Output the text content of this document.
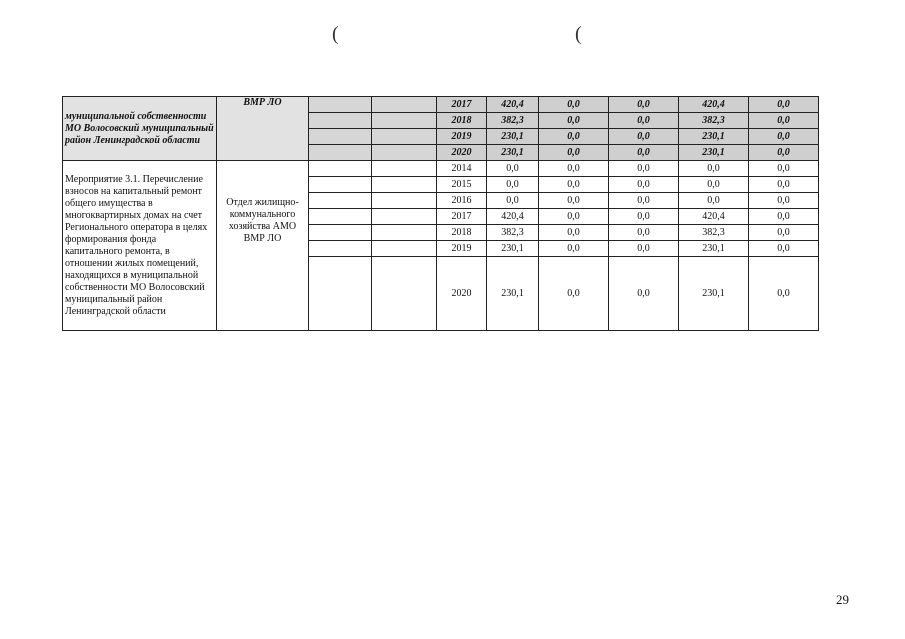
(	(
муниципальной собственности МО Волосовский муниципальный район Ленинградской области	ВМР ЛО			2017	420,4	0,0	0,0	420,4	0,0
				2018	382,3	0,0	0,0	382,3	0,0
				2019	230,1	0,0	0,0	230,1	0,0
				2020	230,1	0,0	0,0	230,1	0,0
Мероприятие 3.1. Перечисление взносов на капитальный ремонт общего имущества в многоквартирных домах на счет Регионального оператора в целях формирования фонда капитального ремонта, в отношении жилых помещений, находящихся в муниципальной собственности МО Волосовский муниципальный район Ленинградской области	Отдел жилищно-коммунального хозяйства АМО ВМР ЛО			2014	0,0	0,0	0,0	0,0	0,0
				2015	0,0	0,0	0,0	0,0	0,0
				2016	0,0	0,0	0,0	0,0	0,0
				2017	420,4	0,0	0,0	420,4	0,0
				2018	382,3	0,0	0,0	382,3	0,0
				2019	230,1	0,0	0,0	230,1	0,0
				2020	230,1	0,0	0,0	230,1	0,0
29
